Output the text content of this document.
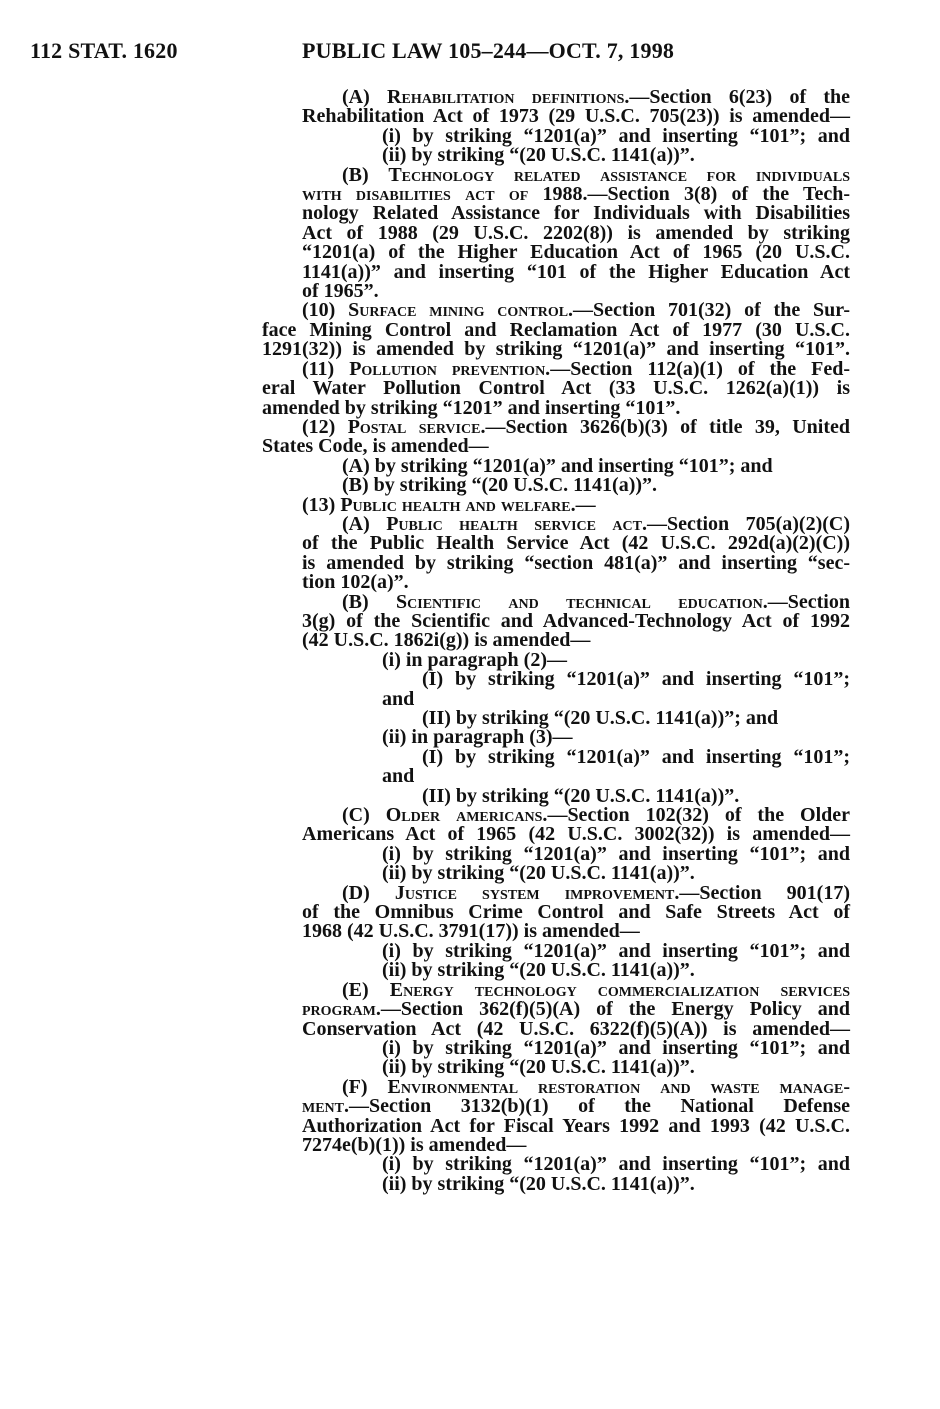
112 STAT. 1620	PUBLIC LAW 105–244—OCT. 7, 1998
(A) Rehabilitation definitions.—Section 6(23) of the
Rehabilitation Act of 1973 (29 U.S.C. 705(23)) is amended—
(i) by striking “1201(a)” and inserting “101”; and
(ii) by striking “(20 U.S.C. 1141(a))”.
(B) Technology related assistance for individuals
with disabilities act of 1988.—Section 3(8) of the Tech-
nology Related Assistance for Individuals with Disabilities
Act of 1988 (29 U.S.C. 2202(8)) is amended by striking
“1201(a) of the Higher Education Act of 1965 (20 U.S.C.
1141(a))” and inserting “101 of the Higher Education Act
of 1965”.
(10) Surface mining control.—Section 701(32) of the Sur-
face Mining Control and Reclamation Act of 1977 (30 U.S.C.
1291(32)) is amended by striking “1201(a)” and inserting “101”.
(11) Pollution prevention.—Section 112(a)(1) of the Fed-
eral Water Pollution Control Act (33 U.S.C. 1262(a)(1)) is
amended by striking “1201” and inserting “101”.
(12) Postal service.—Section 3626(b)(3) of title 39, United
States Code, is amended—
(A) by striking “1201(a)” and inserting “101”; and
(B) by striking “(20 U.S.C. 1141(a))”.
(13) Public health and welfare.—
(A) Public health service act.—Section 705(a)(2)(C)
of the Public Health Service Act (42 U.S.C. 292d(a)(2)(C))
is amended by striking “section 481(a)” and inserting “sec-
tion 102(a)”.
(B) Scientific and technical education.—Section
3(g) of the Scientific and Advanced-Technology Act of 1992
(42 U.S.C. 1862i(g)) is amended—
(i) in paragraph (2)—
(I) by striking “1201(a)” and inserting “101”;
and
(II) by striking “(20 U.S.C. 1141(a))”; and
(ii) in paragraph (3)—
(I) by striking “1201(a)” and inserting “101”;
and
(II) by striking “(20 U.S.C. 1141(a))”.
(C) Older americans.—Section 102(32) of the Older
Americans Act of 1965 (42 U.S.C. 3002(32)) is amended—
(i) by striking “1201(a)” and inserting “101”; and
(ii) by striking “(20 U.S.C. 1141(a))”.
(D) Justice system improvement.—Section 901(17)
of the Omnibus Crime Control and Safe Streets Act of
1968 (42 U.S.C. 3791(17)) is amended—
(i) by striking “1201(a)” and inserting “101”; and
(ii) by striking “(20 U.S.C. 1141(a))”.
(E) Energy technology commercialization services
program.—Section 362(f)(5)(A) of the Energy Policy and
Conservation Act (42 U.S.C. 6322(f)(5)(A)) is amended—
(i) by striking “1201(a)” and inserting “101”; and
(ii) by striking “(20 U.S.C. 1141(a))”.
(F) Environmental restoration and waste manage-
ment.—Section 3132(b)(1) of the National Defense
Authorization Act for Fiscal Years 1992 and 1993 (42 U.S.C.
7274e(b)(1)) is amended—
(i) by striking “1201(a)” and inserting “101”; and
(ii) by striking “(20 U.S.C. 1141(a))”.
